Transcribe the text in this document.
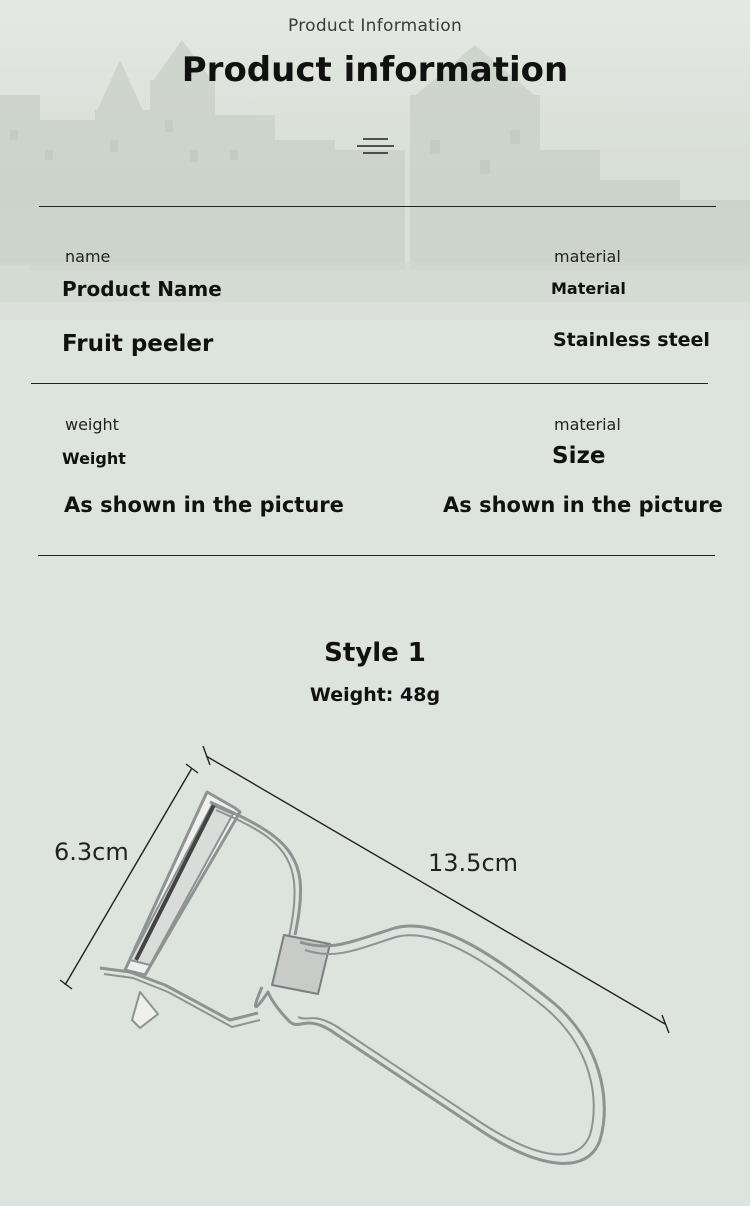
Product Information
Product information
name
Product Name
Fruit peeler
material
Material
Stainless steel
weight
Weight
As shown in the picture
material
Size
As shown in the picture
Style 1
Weight: 48g
6.3cm	13.5cm
